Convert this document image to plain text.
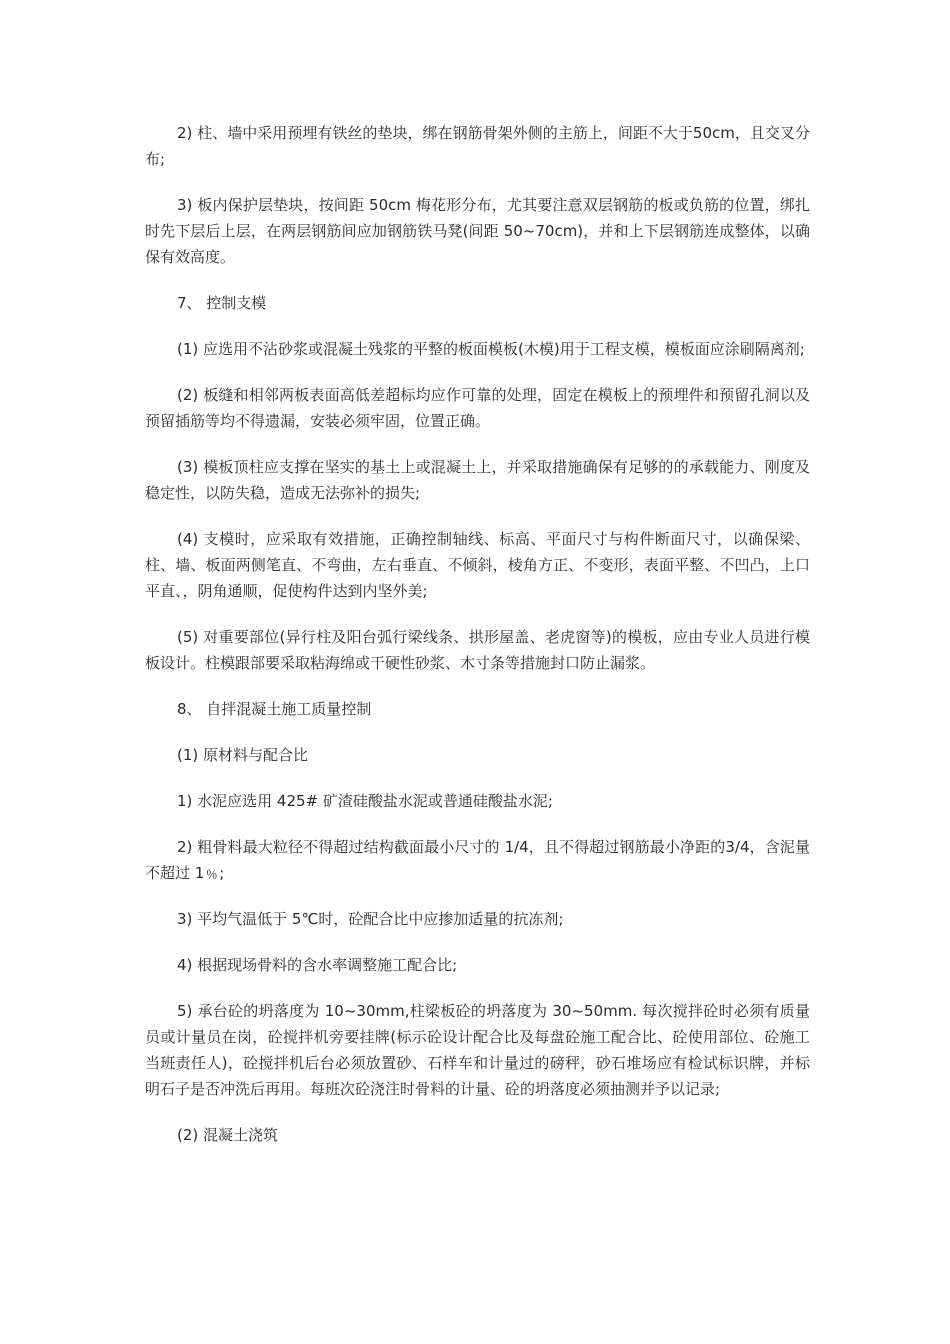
2) 柱、墙中采用预埋有铁丝的垫块，绑在钢筋骨架外侧的主筋上，间距不大于50cm，且交叉分布;

3) 板内保护层垫块，按间距 50cm 梅花形分布，尤其要注意双层钢筋的板或负筋的位置，绑扎时先下层后上层，在两层钢筋间应加钢筋铁马凳(间距 50~70cm)，并和上下层钢筋连成整体，以确保有效高度。

7、 控制支模

(1) 应选用不沾砂浆或混凝土残浆的平整的板面模板(木模)用于工程支模，模板面应涂刷隔离剂;

(2) 板缝和相邻两板表面高低差超标均应作可靠的处理，固定在模板上的预埋件和预留孔洞以及预留插筋等均不得遗漏，安装必须牢固，位置正确。

(3) 模板顶柱应支撑在坚实的基土上或混凝土上，并采取措施确保有足够的的承载能力、刚度及稳定性，以防失稳，造成无法弥补的损失;

(4) 支模时，应采取有效措施，正确控制轴线、标高、平面尺寸与构件断面尺寸，以确保梁、柱、墙、板面两侧笔直、不弯曲，左右垂直、不倾斜，棱角方正、不变形，表面平整、不凹凸，上口平直、，阴角通顺，促使构件达到内坚外美;

(5) 对重要部位(异行柱及阳台弧行梁线条、拱形屋盖、老虎窗等)的模板，应由专业人员进行模板设计。柱模跟部要采取粘海绵或干硬性砂浆、木寸条等措施封口防止漏浆。

8、 自拌混凝土施工质量控制

(1) 原材料与配合比

1) 水泥应选用 425# 矿渣硅酸盐水泥或普通硅酸盐水泥;

2) 粗骨料最大粒径不得超过结构截面最小尺寸的 1/4，且不得超过钢筋最小净距的3/4，含泥量不超过 1﹪;

3) 平均气温低于 5℃时，砼配合比中应掺加适量的抗冻剂;

4) 根据现场骨料的含水率调整施工配合比;

5) 承台砼的坍落度为 10~30mm,柱梁板砼的坍落度为 30~50mm. 每次搅拌砼时必须有质量员或计量员在岗，砼搅拌机旁要挂牌(标示砼设计配合比及每盘砼施工配合比、砼使用部位、砼施工当班责任人)，砼搅拌机后台必须放置砂、石样车和计量过的磅秤，砂石堆场应有检试标识牌，并标明石子是否冲洗后再用。每班次砼浇注时骨料的计量、砼的坍落度必须抽测并予以记录;

(2) 混凝土浇筑
